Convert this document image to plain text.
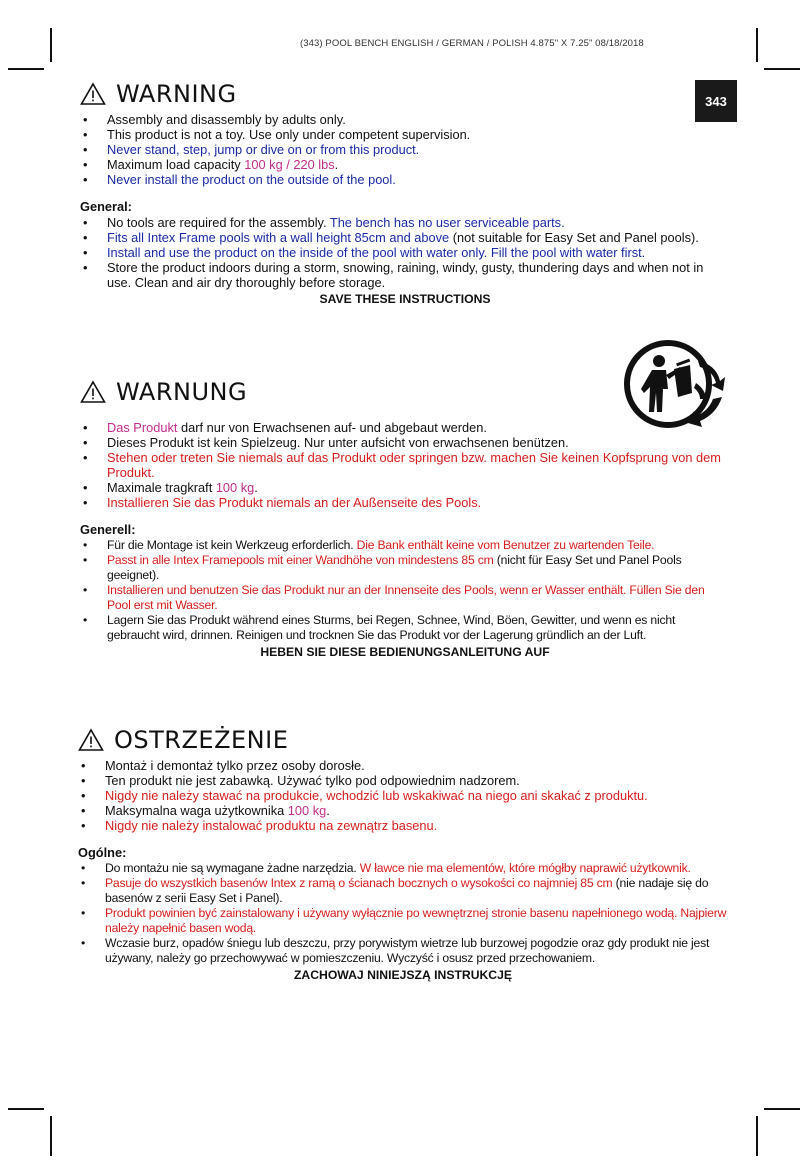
(343) POOL BENCH ENGLISH / GERMAN / POLISH 4.875" X 7.25" 08/18/2018
343
WARNING
• Assembly and disassembly by adults only.
• This product is not a toy. Use only under competent supervision.
• Never stand, step, jump or dive on or from this product.
• Maximum load capacity 100 kg / 220 lbs.
• Never install the product on the outside of the pool.
General:
• No tools are required for the assembly. The bench has no user serviceable parts.
• Fits all Intex Frame pools with a wall height 85cm and above (not suitable for Easy Set and Panel pools).
• Install and use the product on the inside of the pool with water only. Fill the pool with water first.
• Store the product indoors during a storm, snowing, raining, windy, gusty, thundering days and when not in use. Clean and air dry thoroughly before storage.
SAVE THESE INSTRUCTIONS
WARNUNG
• Das Produkt darf nur von Erwachsenen auf- und abgebaut werden.
• Dieses Produkt ist kein Spielzeug. Nur unter aufsicht von erwachsenen benützen.
• Stehen oder treten Sie niemals auf das Produkt oder springen bzw. machen Sie keinen Kopfsprung von dem Produkt.
• Maximale tragkraft 100 kg.
• Installieren Sie das Produkt niemals an der Außenseite des Pools.
Generell:
• Für die Montage ist kein Werkzeug erforderlich. Die Bank enthält keine vom Benutzer zu wartenden Teile.
• Passt in alle Intex Framepools mit einer Wandhöhe von mindestens 85 cm (nicht für Easy Set und Panel Pools geeignet).
• Installieren und benutzen Sie das Produkt nur an der Innenseite des Pools, wenn er Wasser enthält. Füllen Sie den Pool erst mit Wasser.
• Lagern Sie das Produkt während eines Sturms, bei Regen, Schnee, Wind, Böen, Gewitter, und wenn es nicht gebraucht wird, drinnen. Reinigen und trocknen Sie das Produkt vor der Lagerung gründlich an der Luft.
HEBEN SIE DIESE BEDIENUNGSANLEITUNG AUF
OSTRZEŻENIE
• Montaż i demontaż tylko przez osoby dorosłe.
• Ten produkt nie jest zabawką. Używać tylko pod odpowiednim nadzorem.
• Nigdy nie należy stawać na produkcie, wchodzić lub wskakiwać na niego ani skakać z produktu.
• Maksymalna waga użytkownika 100 kg.
• Nigdy nie należy instalować produktu na zewnątrz basenu.
Ogólne:
• Do montażu nie są wymagane żadne narzędzia. W ławce nie ma elementów, które mógłby naprawić użytkownik.
• Pasuje do wszystkich basenów Intex z ramą o ścianach bocznych o wysokości co najmniej 85 cm (nie nadaje się do basenów z serii Easy Set i Panel).
• Produkt powinien być zainstalowany i używany wyłącznie po wewnętrznej stronie basenu napełnionego wodą. Najpierw należy napełnić basen wodą.
• Wczasie burz, opadów śniegu lub deszczu, przy porywistym wietrze lub burzowej pogodzie oraz gdy produkt nie jest używany, należy go przechowywać w pomieszczeniu. Wyczyść i osusz przed przechowaniem.
ZACHOWAJ NINIEJSZĄ INSTRUKCJĘ
